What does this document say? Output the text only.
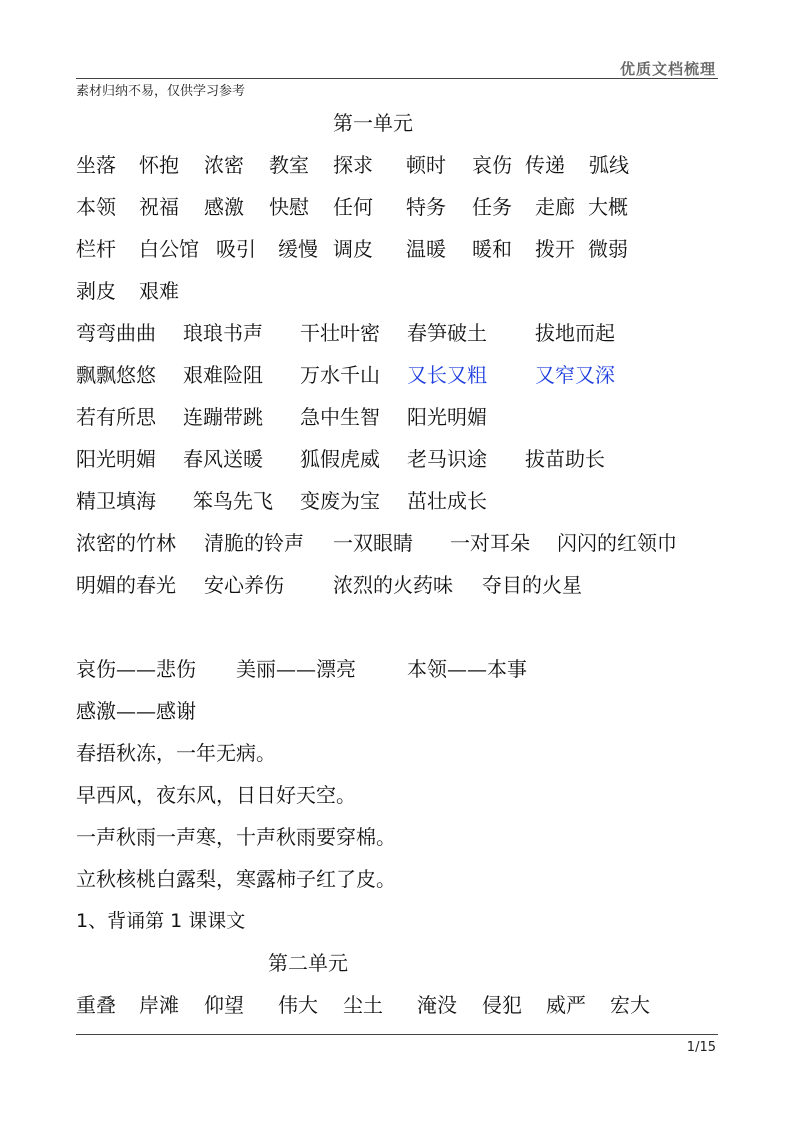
优质文档梳理
素材归纳不易，仅供学习参考
第一单元
坐落 怀抱 浓密 教室 探求 顿时 哀伤 传递 弧线
本领 祝福 感激 快慰 任何 特务 任务 走廊 大概
栏杆 白公馆 吸引 缓慢 调皮 温暖 暖和 拨开 微弱
剥皮 艰难
弯弯曲曲 琅琅书声 干壮叶密 春笋破土 拔地而起
飘飘悠悠 艰难险阻 万水千山 又长又粗 又窄又深
若有所思 连蹦带跳 急中生智 阳光明媚
阳光明媚 春风送暖 狐假虎威 老马识途 拔苗助长
精卫填海 笨鸟先飞 变废为宝 茁壮成长
浓密的竹林 清脆的铃声 一双眼睛 一对耳朵 闪闪的红领巾
明媚的春光 安心养伤 浓烈的火药味 夺目的火星
哀伤——悲伤 美丽——漂亮	本领——本事
感激——感谢
春捂秋冻，一年无病。
早西风，夜东风，日日好天空。
一声秋雨一声寒，十声秋雨要穿棉。
立秋核桃白露梨，寒露柿子红了皮。
1、背诵第 1 课课文
第二单元
重叠 岸滩 仰望 伟大 尘土 淹没 侵犯 威严 宏大
1/15
